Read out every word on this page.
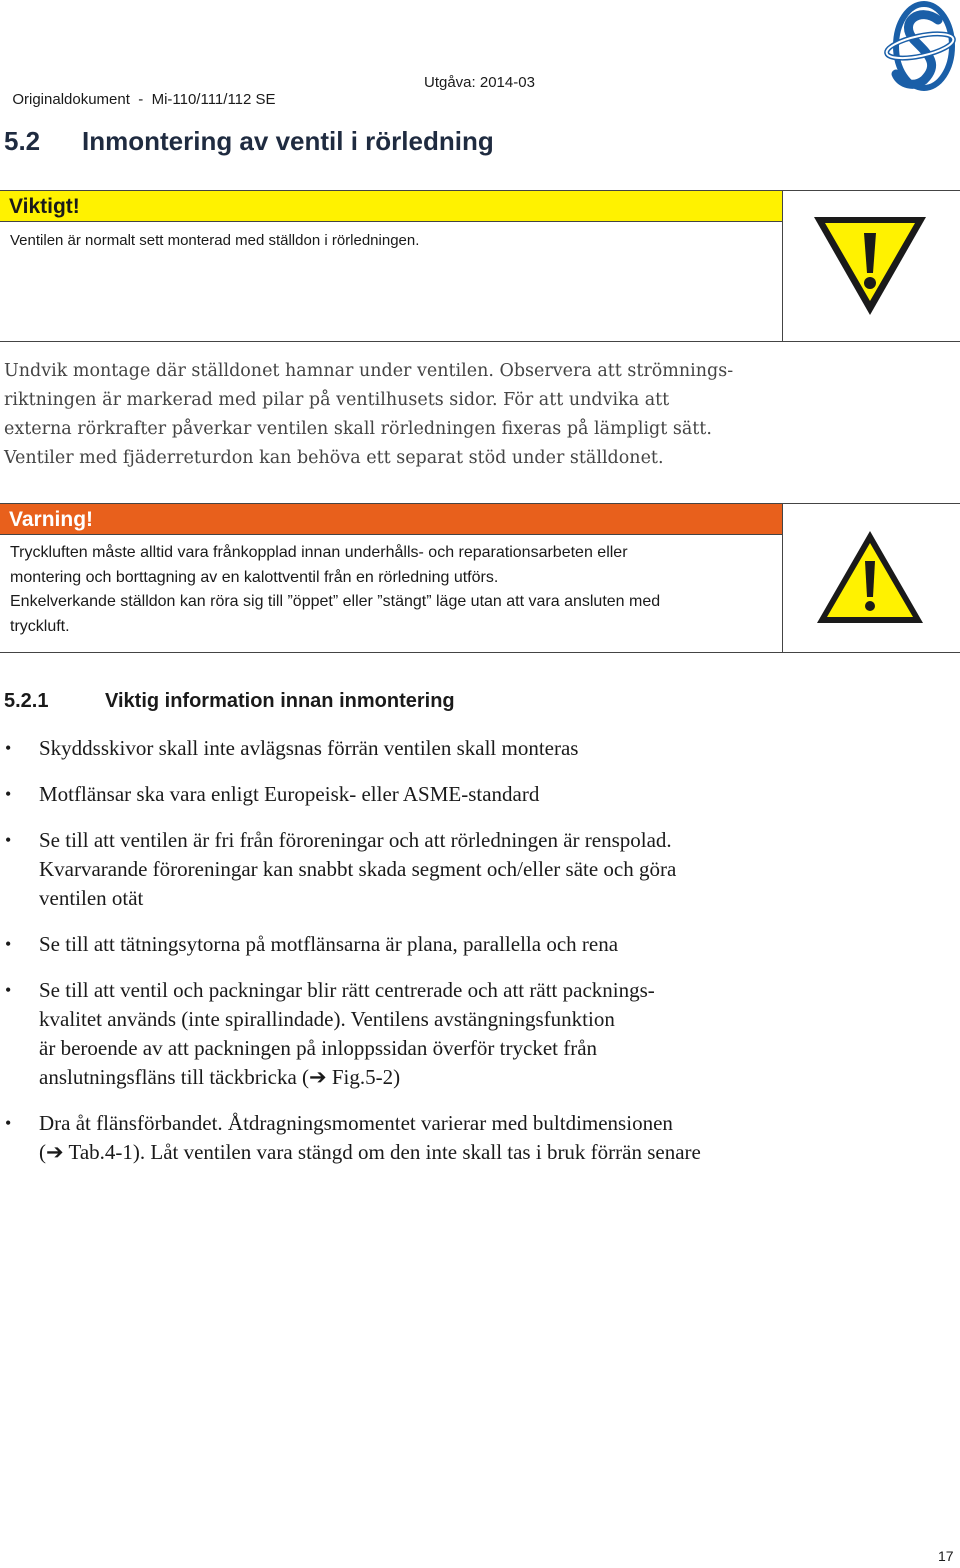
Originaldokument  -  Mi-110/111/112 SE

Utgåva: 2014-03

5.2 Inmontering av ventil i rörledning
Viktigt!
Ventilen är normalt sett monterad med ställdon i rörledningen.
Undvik montage där ställdonet hamnar under ventilen. Observera att strömnings-
riktningen är markerad med pilar på ventilhusets sidor. För att undvika att
externa rörkrafter påverkar ventilen skall rörledningen fixeras på lämpligt sätt.
Ventiler med fjäderreturdon kan behöva ett separat stöd under ställdonet.
Varning!
Tryckluften måste alltid vara frånkopplad innan underhålls- och reparationsarbeten eller
montering och borttagning av en kalottventil från en rörledning utförs.
Enkelverkande ställdon kan röra sig till ”öppet” eller ”stängt” läge utan att vara ansluten med
tryckluft.
5.2.1	Viktig information innan inmontering
• Skyddsskivor skall inte avlägsnas förrän ventilen skall monteras
• Motflänsar ska vara enligt Europeisk- eller ASME-standard
• Se till att ventilen är fri från föroreningar och att rörledningen är renspolad.
Kvarvarande föroreningar kan snabbt skada segment och/eller säte och göra
ventilen otät
• Se till att tätningsytorna på motflänsarna är plana, parallella och rena
• Se till att ventil och packningar blir rätt centrerade och att rätt packnings-
kvalitet används (inte spirallindade). Ventilens avstängningsfunktion
är beroende av att packningen på inloppssidan överför trycket från
anslutningsfläns till täckbricka (➔ Fig.5-2)
• Dra åt flänsförbandet. Åtdragningsmomentet varierar med bultdimensionen
(➔ Tab.4-1). Låt ventilen vara stängd om den inte skall tas i bruk förrän senare
17
